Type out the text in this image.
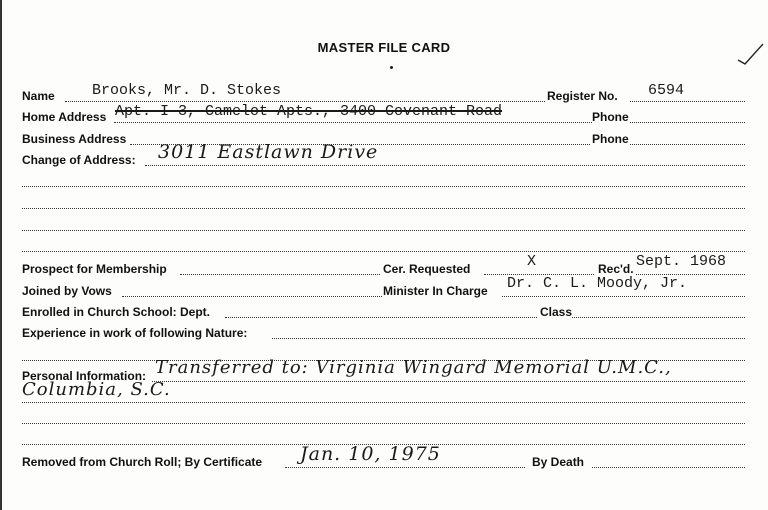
MASTER FILE CARD
Name Brooks, Mr. D. Stokes	Register No. 6594
Home Address Apt. I-3, Camelot Apts., 3400 Covenant Road	Phone
Business Address	Phone
Change of Address: 3011 Eastlawn Drive
Prospect for Membership	Cer. Requested	X	Rec'd. Sept. 1968
Joined by Vows	Minister In Charge Dr. C. L. Moody, Jr.
Enrolled in Church School: Dept.	Class
Experience in work of following Nature:
Personal Information: Transferred to: Virginia Wingard Memorial U.M.C.,
Columbia, S.C.
Removed from Church Roll; By Certificate Jan. 10, 1975	By Death
